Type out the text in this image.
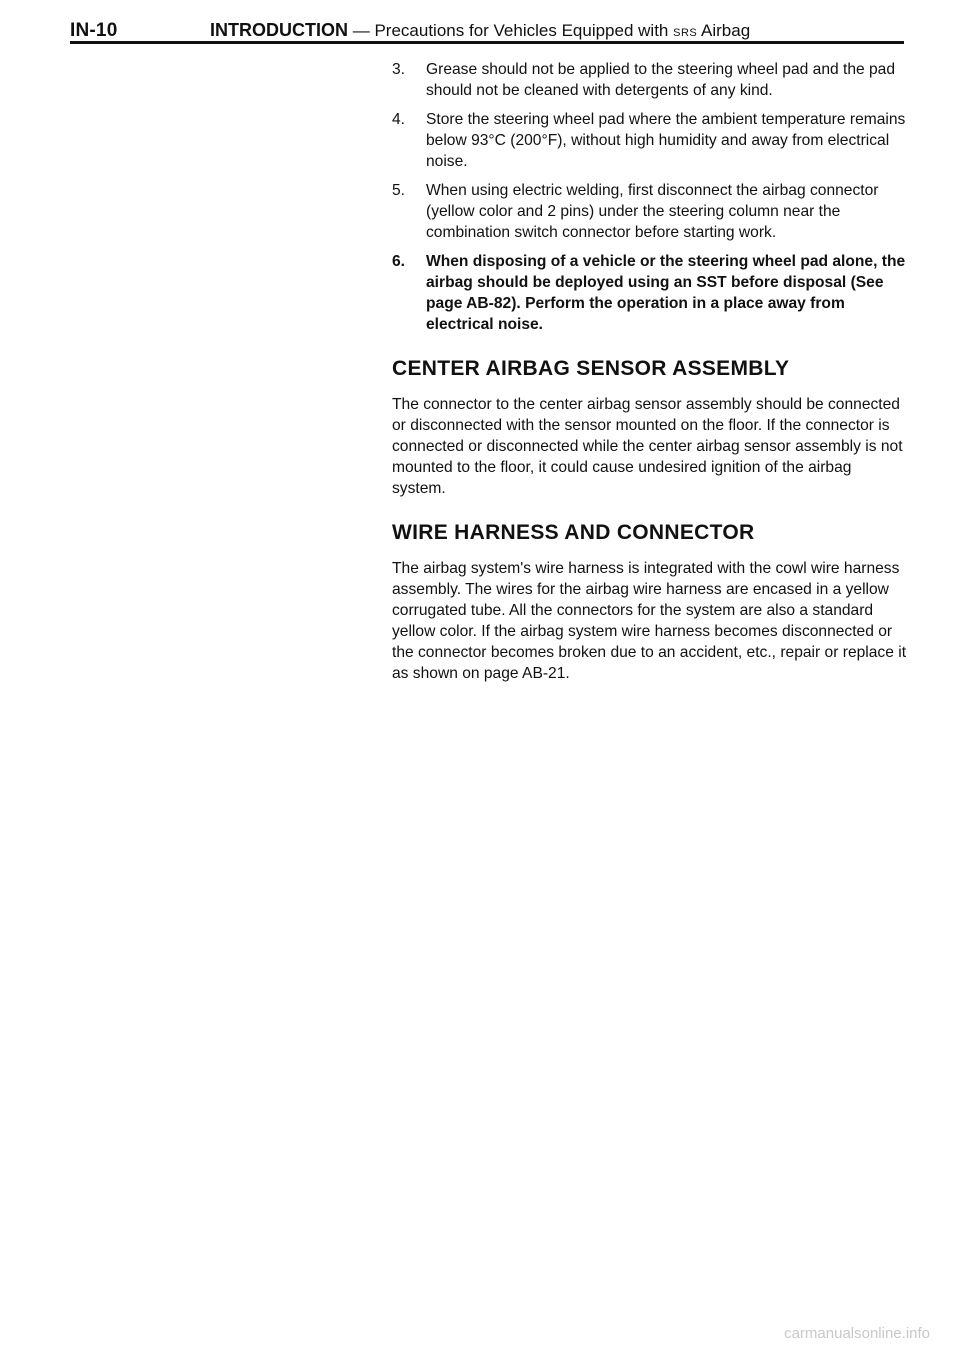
IN-10	INTRODUCTION — Precautions for Vehicles Equipped with SRS Airbag
3. Grease should not be applied to the steering wheel pad and the pad should not be cleaned with detergents of any kind.
4. Store the steering wheel pad where the ambient temperature remains below 93°C (200°F), without high humidity and away from electrical noise.
5. When using electric welding, first disconnect the airbag connector (yellow color and 2 pins) under the steering column near the combination switch connector before starting work.
6. When disposing of a vehicle or the steering wheel pad alone, the airbag should be deployed using an SST before disposal (See page AB-82). Perform the operation in a place away from electrical noise.
CENTER AIRBAG SENSOR ASSEMBLY

The connector to the center airbag sensor assembly should be connected or disconnected with the sensor mounted on the floor. If the connector is connected or disconnected while the center airbag sensor assembly is not mounted to the floor, it could cause undesired ignition of the airbag system.

WIRE HARNESS AND CONNECTOR

The airbag system's wire harness is integrated with the cowl wire harness assembly. The wires for the airbag wire harness are encased in a yellow corrugated tube. All the connectors for the system are also a standard yellow color. If the airbag system wire harness becomes disconnected or the connector becomes broken due to an accident, etc., repair or replace it as shown on page AB-21.

carmanualsonline.info
